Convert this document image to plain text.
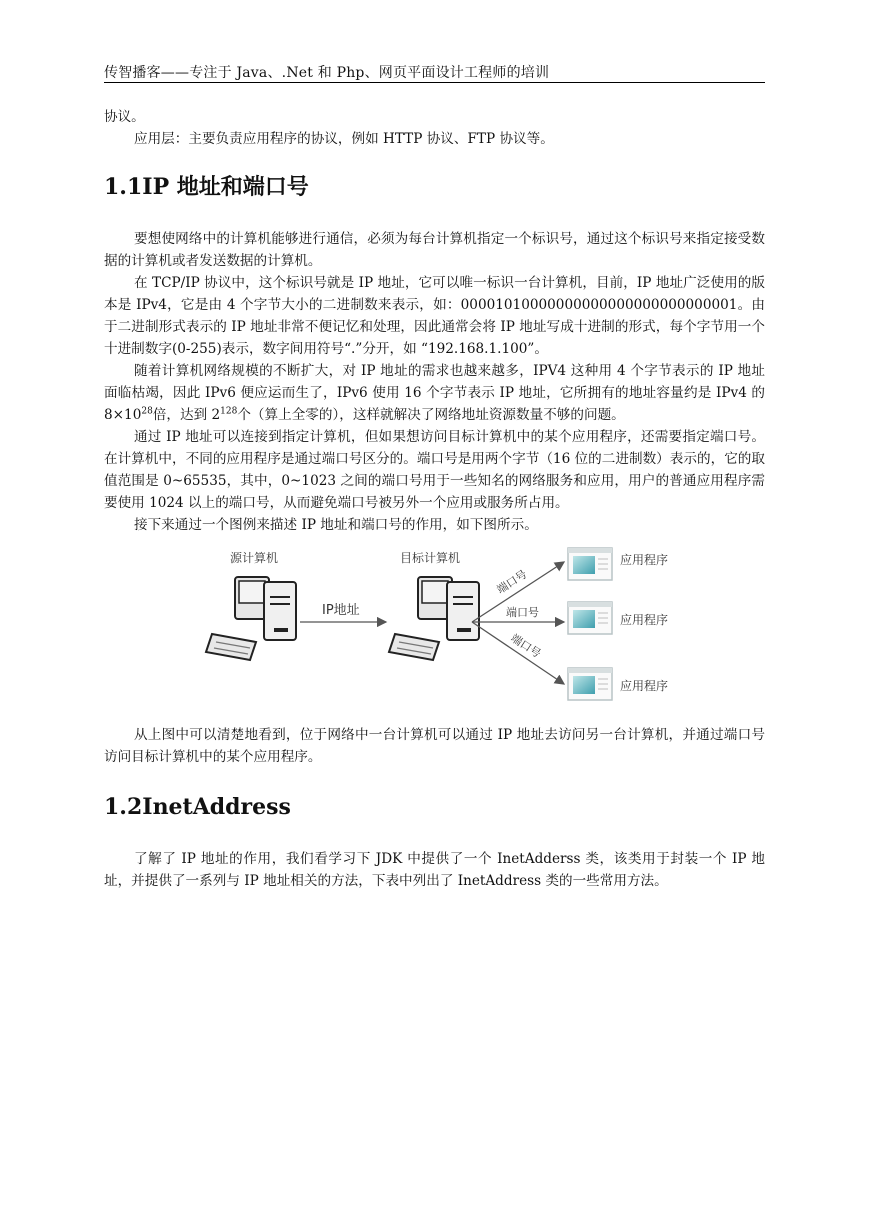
传智播客——专注于 Java、.Net 和 Php、网页平面设计工程师的培训

协议。

应用层：主要负责应用程序的协议，例如 HTTP 协议、FTP 协议等。

1.1IP 地址和端口号

要想使网络中的计算机能够进行通信，必须为每台计算机指定一个标识号，通过这个标识号来指定接受数据的计算机或者发送数据的计算机。

在 TCP/IP 协议中，这个标识号就是 IP 地址，它可以唯一标识一台计算机，目前，IP 地址广泛使用的版本是 IPv4，它是由 4 个字节大小的二进制数来表示，如：00001010000000000000000000000001。由于二进制形式表示的 IP 地址非常不便记忆和处理，因此通常会将 IP 地址写成十进制的形式，每个字节用一个十进制数字(0-255)表示，数字间用符号“.”分开，如 “192.168.1.100”。

随着计算机网络规模的不断扩大，对 IP 地址的需求也越来越多，IPV4 这种用 4 个字节表示的 IP 地址面临枯竭，因此 IPv6 便应运而生了，IPv6 使用 16 个字节表示 IP 地址，它所拥有的地址容量约是 IPv4 的 $8\times 10^{28}$倍，达到 $2^{128}$个（算上全零的），这样就解决了网络地址资源数量不够的问题。

通过 IP 地址可以连接到指定计算机，但如果想访问目标计算机中的某个应用程序，还需要指定端口号。在计算机中，不同的应用程序是通过端口号区分的。端口号是用两个字节（16 位的二进制数）表示的，它的取值范围是 0~65535，其中，0~1023 之间的端口号用于一些知名的网络服务和应用，用户的普通应用程序需要使用 1024 以上的端口号，从而避免端口号被另外一个应用或服务所占用。

接下来通过一个图例来描述 IP 地址和端口号的作用，如下图所示。

源计算机
IP地址
目标计算机
端口号
端口号
端口号
应用程序
应用程序
应用程序

从上图中可以清楚地看到，位于网络中一台计算机可以通过 IP 地址去访问另一台计算机，并通过端口号访问目标计算机中的某个应用程序。

1.2InetAddress

了解了 IP 地址的作用，我们看学习下 JDK 中提供了一个 InetAdderss 类，该类用于封装一个 IP 地址，并提供了一系列与 IP 地址相关的方法，下表中列出了 InetAddress 类的一些常用方法。
